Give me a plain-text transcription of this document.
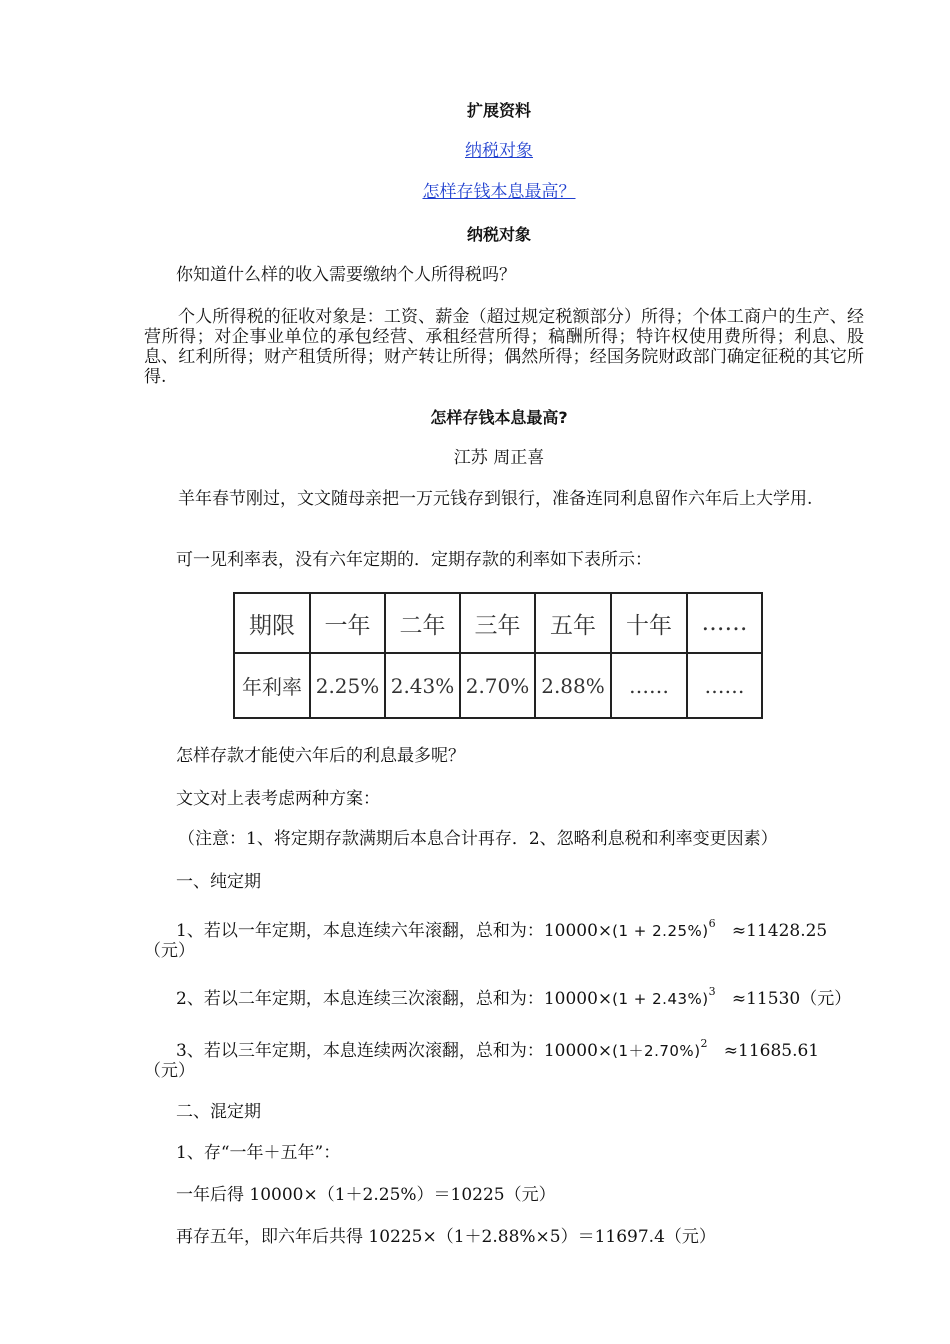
扩展资料
纳税对象
怎样存钱本息最高？
纳税对象
你知道什么样的收入需要缴纳个人所得税吗？
个人所得税的征收对象是：工资、薪金（超过规定税额部分）所得；个体工商户的生产、经营所得；对企事业单位的承包经营、承租经营所得；稿酬所得；特许权使用费所得；利息、股息、红利所得；财产租赁所得；财产转让所得；偶然所得；经国务院财政部门确定征税的其它所得.
怎样存钱本息最高?
江苏 周正喜
羊年春节刚过，文文随母亲把一万元钱存到银行，准备连同利息留作六年后上大学用.
可一见利率表，没有六年定期的．定期存款的利率如下表所示：
期限	一年	二年	三年	五年	十年	……
年利率	2.25%	2.43%	2.70%	2.88%	……	……
怎样存款才能使六年后的利息最多呢？
文文对上表考虑两种方案：
（注意：1、将定期存款满期后本息合计再存．2、忽略利息税和利率变更因素）
一、纯定期
1、若以一年定期，本息连续六年滚翻，总和为：$10000\times(1 + 2.25\%)^6 \approx 11428.25$
（元）
2、若以二年定期，本息连续三次滚翻，总和为：$10000\times(1 + 2.43\%)^3 \approx 11530$（元）
3、若以三年定期，本息连续两次滚翻，总和为：$10000\times(1+2.70\%)^2 \approx 11685.61$
（元）
二、混定期
1、存“一年＋五年”：
一年后得 10000×（1＋2.25%）＝10225（元）
再存五年，即六年后共得 10225×（1＋2.88%×5）＝11697.4（元）
